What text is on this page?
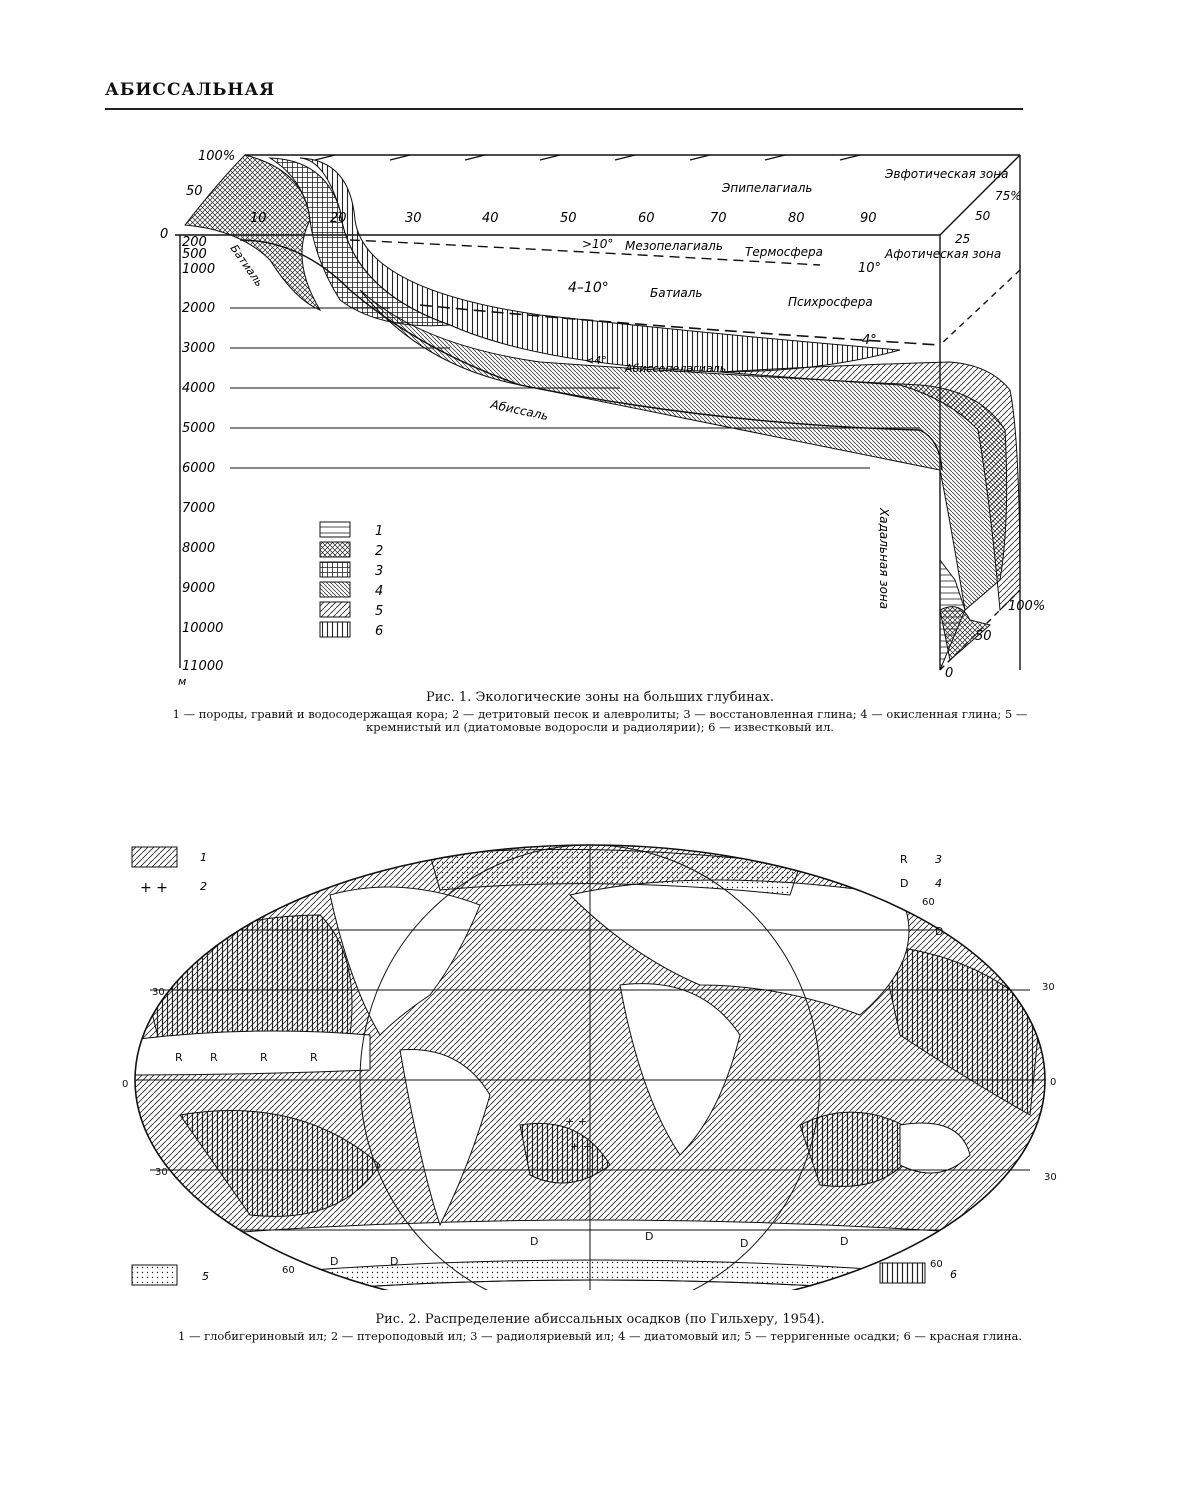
АБИССАЛЬНАЯ
100%
50
0
200
500
1000
2000
3000
4000
5000
6000
7000
8000
9000
10000
11000
м
10	20	30	40	50	60	70	80	90
75%
50
25
Эвфотическая зона
Эпипелагиаль
>10° Мезопелагиаль Термосфера	Афотическая зона
10°
4–10°	Батиаль
Психросфера
4°
<4°
Абиссопелагиаль
Абиссаль
Батиаль
Хадальная зона	100%
50
0
1
2
3
4
5
6
Рис. 1. Экологические зоны на больших глубинах.
1 — породы, гравий и водосодержащая кора; 2 — детритовый песок и алевролиты; 3 — восстановленная глина; 4 — окисленная глина; 5 — кремнистый ил (диатомовые водоросли и радиолярии); 6 — известковый ил.
60
30	30
0	0
30	30
60
60
R R	R	R
D	D
D	D
D	D
D
+ +
+ +
1
+ +	2
R 3
D 4
5	6
Рис. 2. Распределение абиссальных осадков (по Гильхеру, 1954).
1 — глобигериновый ил; 2 — птероподовый ил; 3 — радиоляриевый ил; 4 — диатомовый ил; 5 — терригенные осадки; 6 — красная глина.
